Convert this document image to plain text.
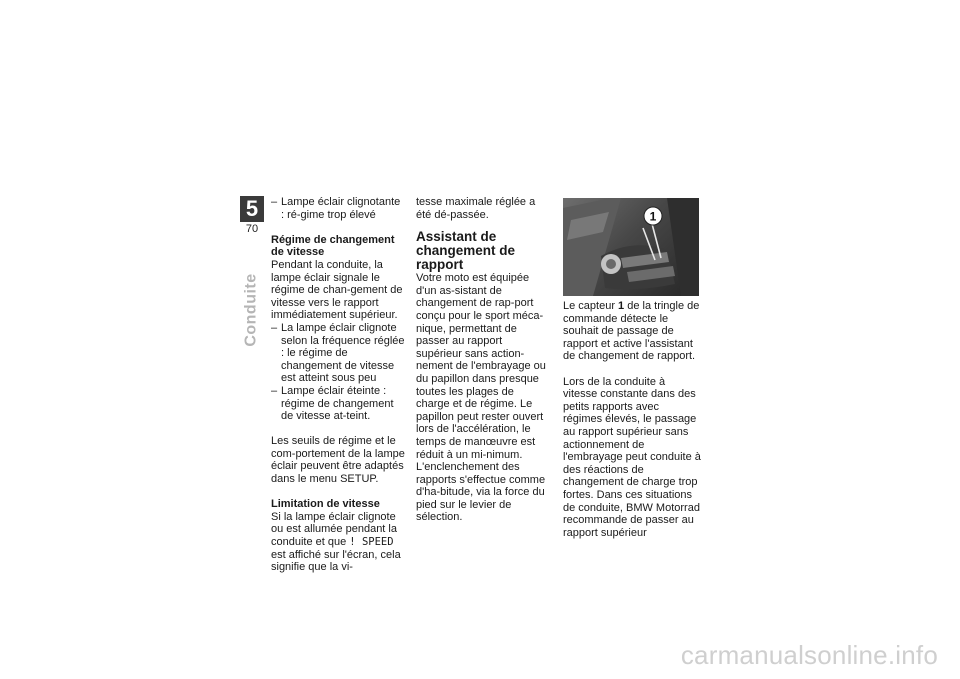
5
70
Conduite

– Lampe éclair clignotante : ré-gime trop élevé

Régime de changement de vitesse

Pendant la conduite, la lampe éclair signale le régime de chan-gement de vitesse vers le rapport immédiatement supérieur.

– La lampe éclair clignote selon la fréquence réglée : le régime de changement de vitesse est atteint sous peu

– Lampe éclair éteinte : régime de changement de vitesse at-teint.

Les seuils de régime et le com-portement de la lampe éclair peuvent être adaptés dans le menu SETUP.

Limitation de vitesse

Si la lampe éclair clignote ou est allumée pendant la conduite et que ! SPEED est affiché sur l'écran, cela signifie que la vi-

tesse maximale réglée a été dé-passée.

Assistant de changement de rapport

Votre moto est équipée d'un as-sistant de changement de rap-port conçu pour le sport méca-nique, permettant de passer au rapport supérieur sans action-nement de l'embrayage ou du papillon dans presque toutes les plages de charge et de régime. Le papillon peut rester ouvert lors de l'accélération, le temps de manœuvre est réduit à un mi-nimum. L'enclenchement des rapports s'effectue comme d'ha-bitude, via la force du pied sur le levier de sélection.

1

Le capteur 1 de la tringle de commande détecte le souhait de passage de rapport et active l'assistant de changement de rapport.

Lors de la conduite à vitesse constante dans des petits rapports avec régimes élevés, le passage au rapport supérieur sans actionnement de l'embrayage peut conduite à des réactions de changement de charge trop fortes. Dans ces situations de conduite, BMW Motorrad recommande de passer au rapport supérieur

carmanualsonline.info
